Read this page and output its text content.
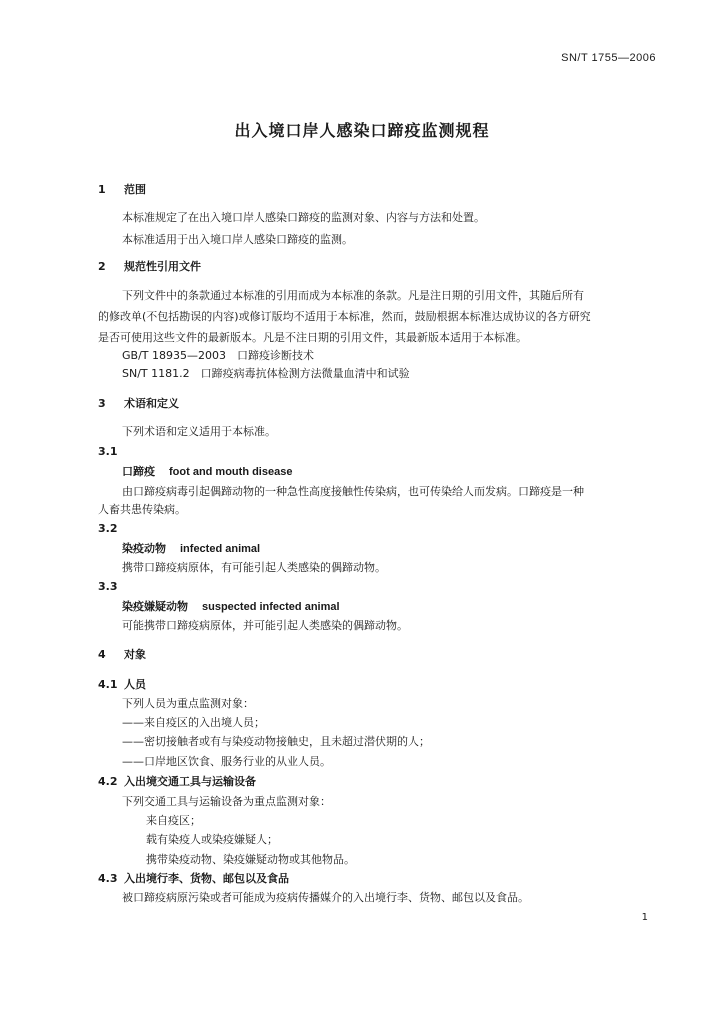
SN/T 1755—2006
出入境口岸人感染口蹄疫监测规程
1 范围
本标准规定了在出入境口岸人感染口蹄疫的监测对象、内容与方法和处置。
本标准适用于出入境口岸人感染口蹄疫的监测。
2 规范性引用文件
下列文件中的条款通过本标准的引用而成为本标准的条款。凡是注日期的引用文件，其随后所有
的修改单(不包括勘误的内容)或修订版均不适用于本标准，然而，鼓励根据本标准达成协议的各方研究
是否可使用这些文件的最新版本。凡是不注日期的引用文件，其最新版本适用于本标准。
GB/T 18935—2003　口蹄疫诊断技术
SN/T 1181.2　口蹄疫病毒抗体检测方法微量血清中和试验
3 术语和定义
下列术语和定义适用于本标准。
3.1
口蹄疫 foot and mouth disease
由口蹄疫病毒引起偶蹄动物的一种急性高度接触性传染病，也可传染给人而发病。口蹄疫是一种
人畜共患传染病。
3.2
染疫动物 infected animal
携带口蹄疫病原体，有可能引起人类感染的偶蹄动物。
3.3
染疫嫌疑动物 suspected infected animal
可能携带口蹄疫病原体，并可能引起人类感染的偶蹄动物。
4 对象
4.1 人员
下列人员为重点监测对象：
——来自疫区的入出境人员；
——密切接触者或有与染疫动物接触史，且未超过潜伏期的人；
——口岸地区饮食、服务行业的从业人员。
4.2 入出境交通工具与运输设备
下列交通工具与运输设备为重点监测对象：
来自疫区；
载有染疫人或染疫嫌疑人；
携带染疫动物、染疫嫌疑动物或其他物品。
4.3 入出境行李、货物、邮包以及食品
被口蹄疫病原污染或者可能成为疫病传播媒介的入出境行李、货物、邮包以及食品。
1
